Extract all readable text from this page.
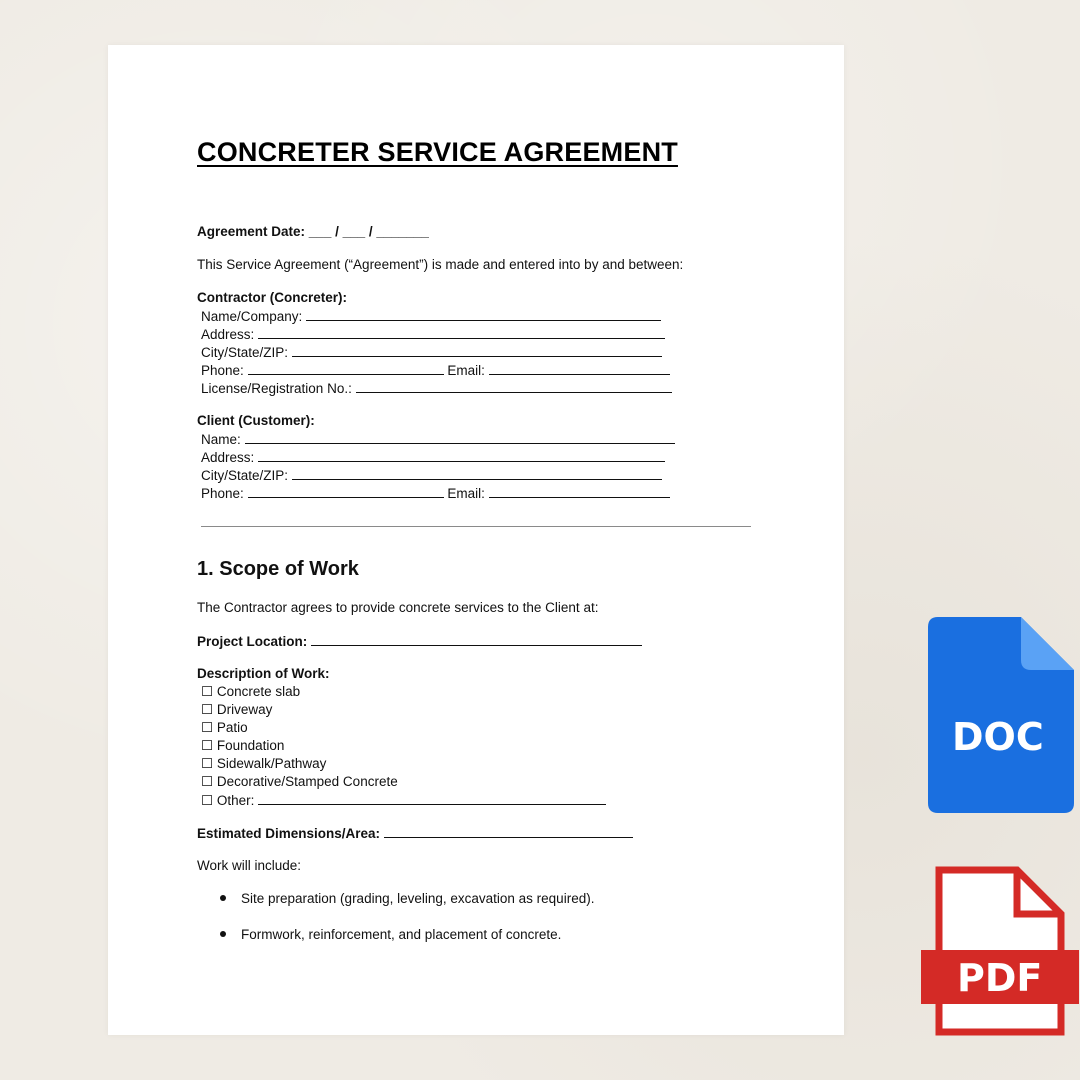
CONCRETER SERVICE AGREEMENT
Agreement Date: ___ / ___ / _______
This Service Agreement (“Agreement”) is made and entered into by and between:
Contractor (Concreter):
Name/Company:
Address:
City/State/ZIP:
Phone:	Email:
License/Registration No.:
Client (Customer):
Name:
Address:
City/State/ZIP:
Phone:	Email:
1. Scope of Work
The Contractor agrees to provide concrete services to the Client at:
Project Location:
Description of Work:
☐ Concrete slab
☐ Driveway
☐ Patio
☐ Foundation
☐ Sidewalk/Pathway
☐ Decorative/Stamped Concrete
☐ Other:
Estimated Dimensions/Area:
Work will include:
Site preparation (grading, leveling, excavation as required).
Formwork, reinforcement, and placement of concrete.
DOC
PDF
